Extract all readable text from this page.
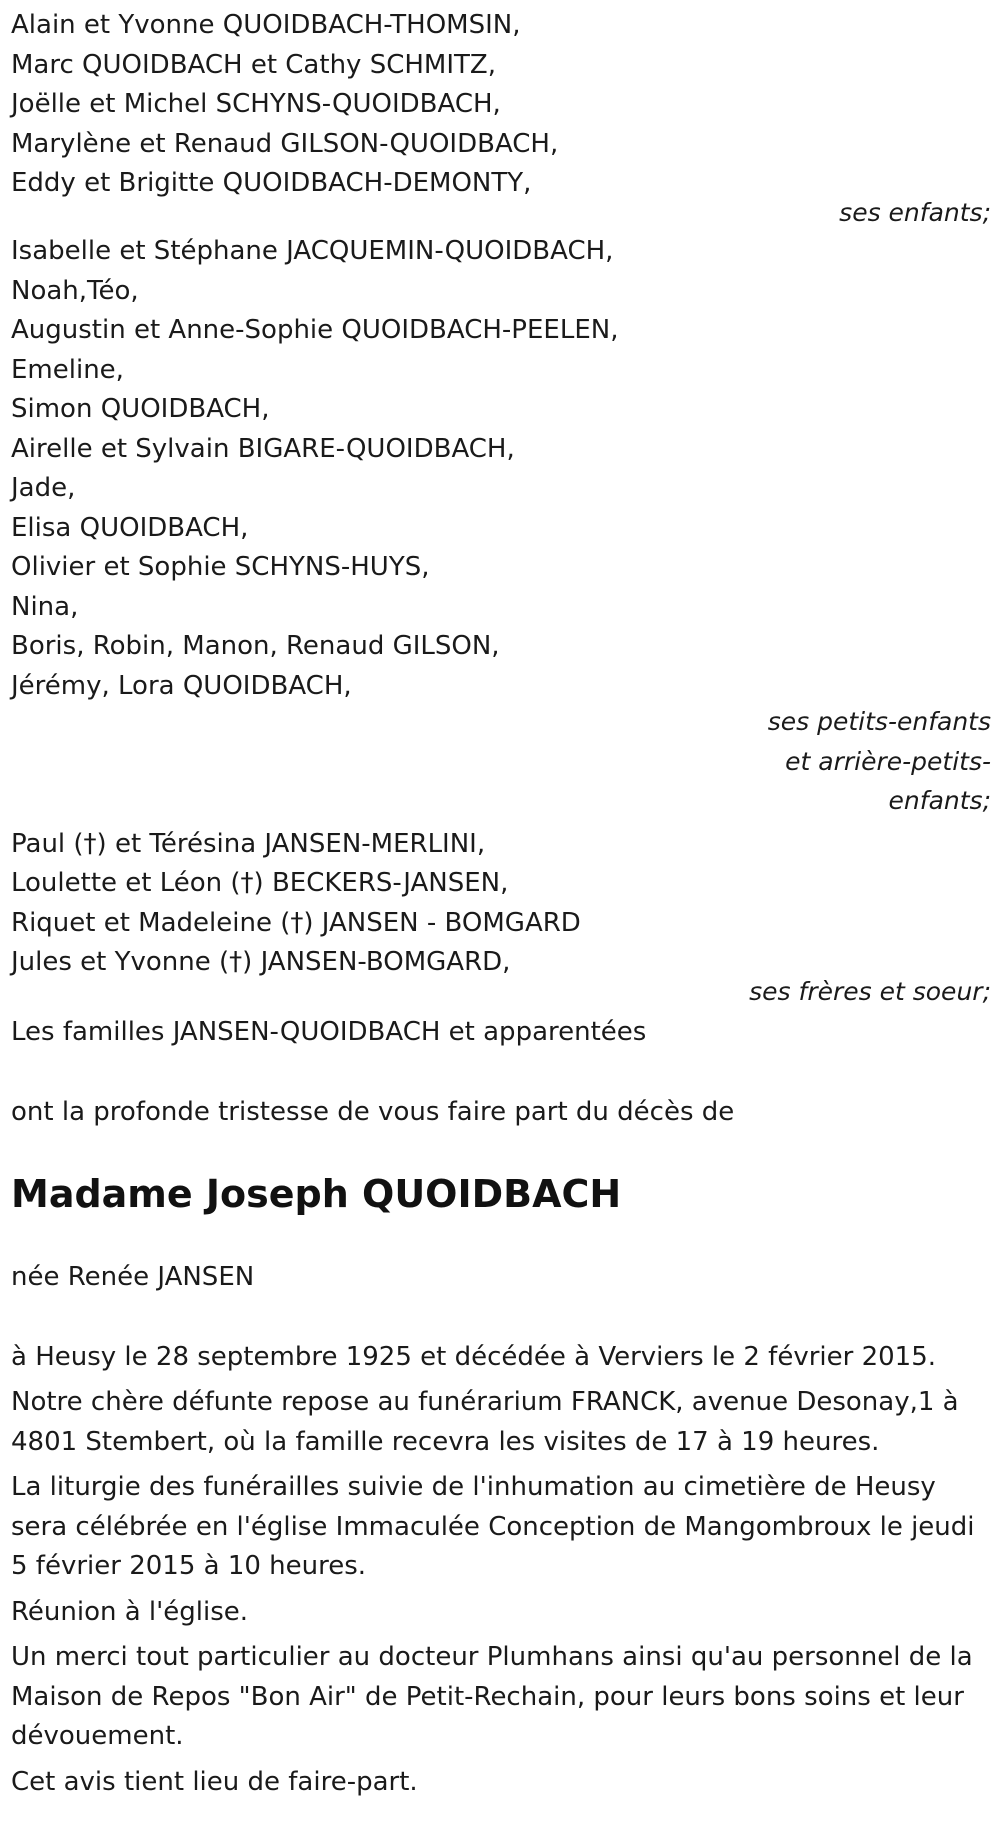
Alain et Yvonne QUOIDBACH-THOMSIN,
Marc QUOIDBACH et Cathy SCHMITZ,
Joëlle et Michel SCHYNS-QUOIDBACH,
Marylène et Renaud GILSON-QUOIDBACH,
Eddy et Brigitte QUOIDBACH-DEMONTY,
ses enfants;
Isabelle et Stéphane JACQUEMIN-QUOIDBACH,
Noah,Téo,
Augustin et Anne-Sophie QUOIDBACH-PEELEN,
Emeline,
Simon QUOIDBACH,
Airelle et Sylvain BIGARE-QUOIDBACH,
Jade,
Elisa QUOIDBACH,
Olivier et Sophie SCHYNS-HUYS,
Nina,
Boris, Robin, Manon, Renaud GILSON,
Jérémy, Lora QUOIDBACH,
ses petits-enfants
et arrière-petits-
enfants;
Paul (†) et Térésina JANSEN-MERLINI,
Loulette et Léon (†) BECKERS-JANSEN,
Riquet et Madeleine (†) JANSEN - BOMGARD
Jules et Yvonne (†) JANSEN-BOMGARD,
ses frères et soeur;
Les familles JANSEN-QUOIDBACH et apparentées
ont la profonde tristesse de vous faire part du décès de
Madame Joseph QUOIDBACH
née Renée JANSEN
à Heusy le 28 septembre 1925 et décédée à Verviers le 2 février 2015.
Notre chère défunte repose au funérarium FRANCK, avenue Desonay,1 à 4801 Stembert, où la famille recevra les visites de 17 à 19 heures.
La liturgie des funérailles suivie de l'inhumation au cimetière de Heusy sera célébrée en l'église Immaculée Conception de Mangombroux le jeudi 5 février 2015 à 10 heures.
Réunion à l'église.
Un merci tout particulier au docteur Plumhans ainsi qu'au personnel de la Maison de Repos "Bon Air" de Petit-Rechain, pour leurs bons soins et leur dévouement.
Cet avis tient lieu de faire-part.
